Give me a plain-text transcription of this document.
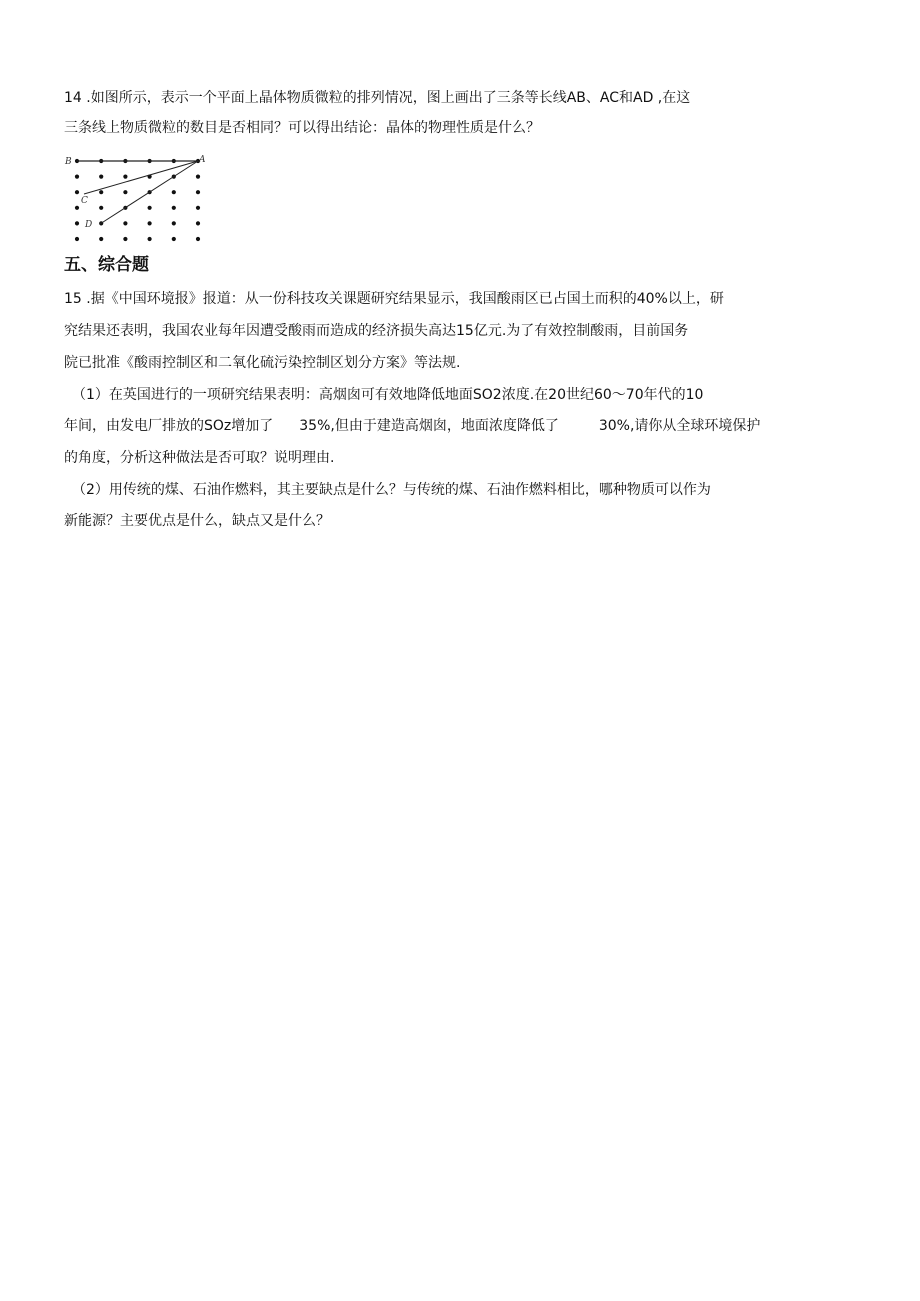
14 .如图所示，表示一个平面上晶体物质微粒的排列情况，图上画出了三条等长线AB、AC和AD ,在这
三条线上物质微粒的数目是否相同？可以得出结论：晶体的物理性质是什么？
B	A
C
D
五、综合题
15 .据《中国环境报》报道：从一份科技攻关课题研究结果显示，我国酸雨区已占国土而积的40%以上，研
究结果还表明，我国农业每年因遭受酸雨而造成的经济损失高达15亿元.为了有效控制酸雨，目前国务
院已批准《酸雨控制区和二氧化硫污染控制区划分方案》等法规.
（1）在英国进行的一项研究结果表明：高烟囱可有效地降低地面SO2浓度.在20世纪60～70年代的10
年间，由发电厂排放的SOz增加了 35%,但由于建造高烟囱，地面浓度降低了	30%,请你从全球环境保护
的角度，分析这种做法是否可取？说明理由.
（2）用传统的煤、石油作燃料，其主要缺点是什么？与传统的煤、石油作燃料相比，哪种物质可以作为
新能源？主要优点是什么，缺点又是什么？
